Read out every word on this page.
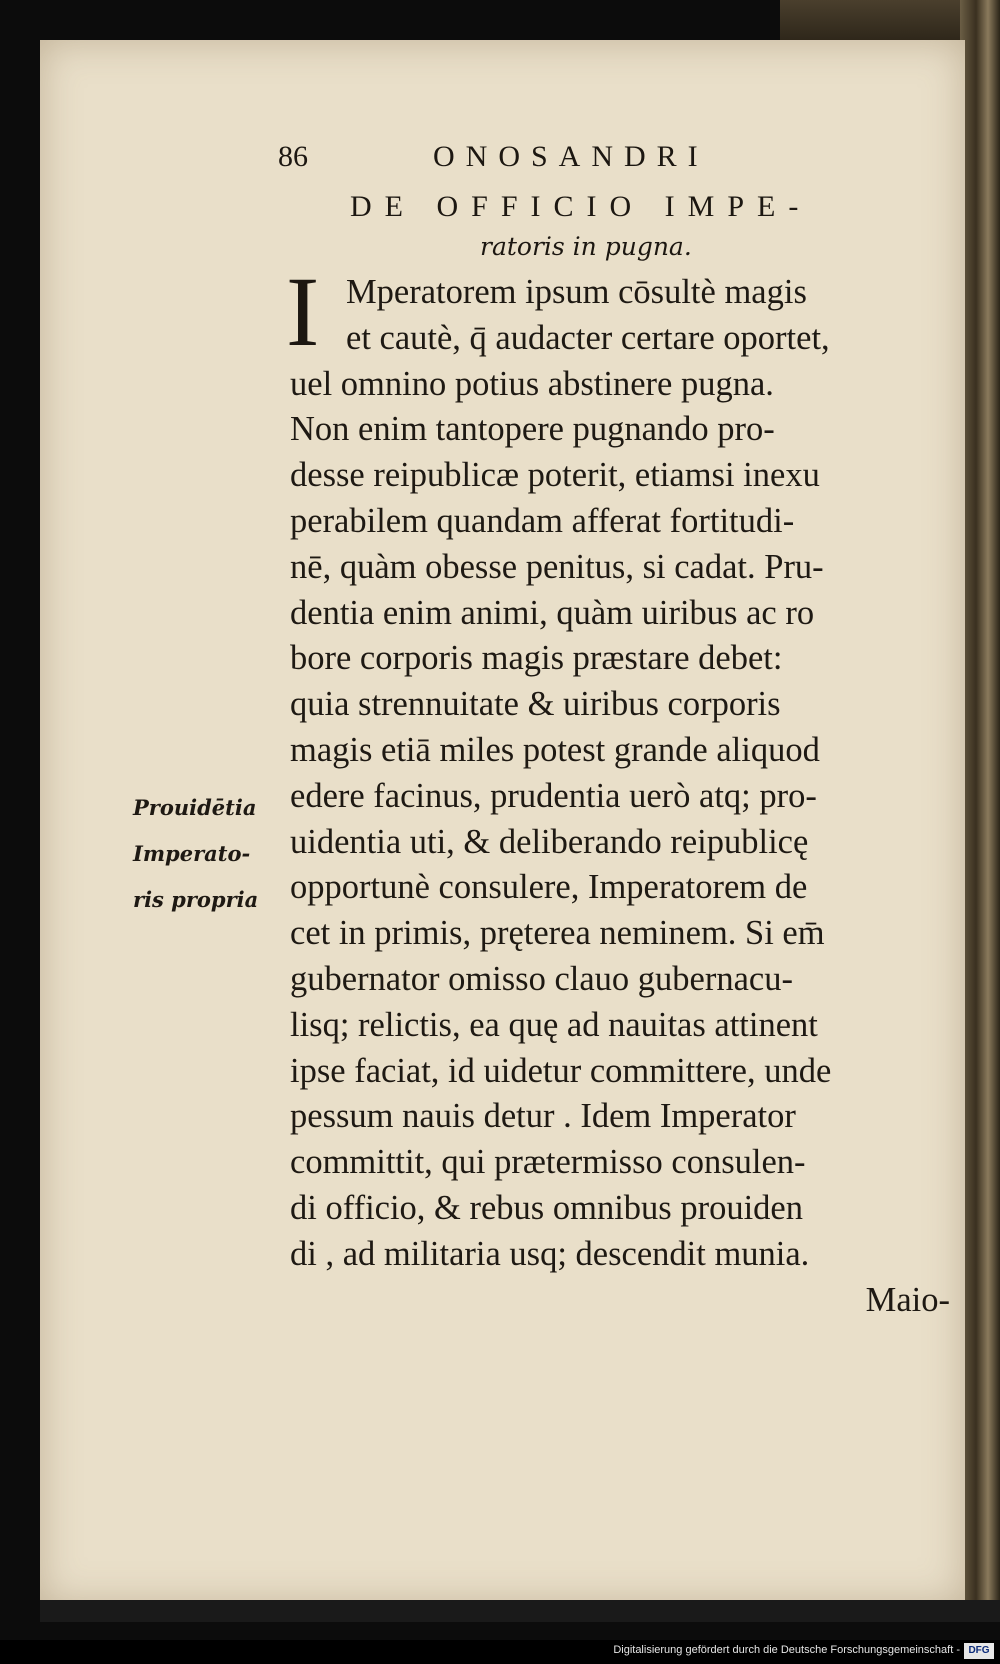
86	ONOSANDRI
DE OFFICIO IMPE-
ratoris in pugna.
I Mperatorem ipsum cōsultè magis
et cautè, q̄ audacter certare oportet,
uel omnino potius abstinere pugna.
Non enim tantopere pugnando pro-
desse reipublicæ poterit, etiamsi inexu
perabilem quandam afferat fortitudi-
nē, quàm obesse penitus, si cadat. Pru-
dentia enim animi, quàm uiribus ac ro
bore corporis magis præstare debet:
quia strennuitate & uiribus corporis
magis etiā miles potest grande aliquod
edere facinus, prudentia uerò atq; pro-
uidentia uti, & deliberando reipublicę
opportunè consulere, Imperatorem de
cet in primis, pręterea neminem. Si em̄
gubernator omisso clauo gubernacu-
lisq; relictis, ea quę ad nauitas attinent
ipse faciat, id uidetur committere, unde
pessum nauis detur . Idem Imperator
committit, qui prætermisso consulen-
di officio, & rebus omnibus prouiden
di , ad militaria usq; descendit munia.
Maio-
Prouidētia
Imperato-
ris propria
Digitalisierung gefördert durch die Deutsche Forschungsgemeinschaft - DFG
